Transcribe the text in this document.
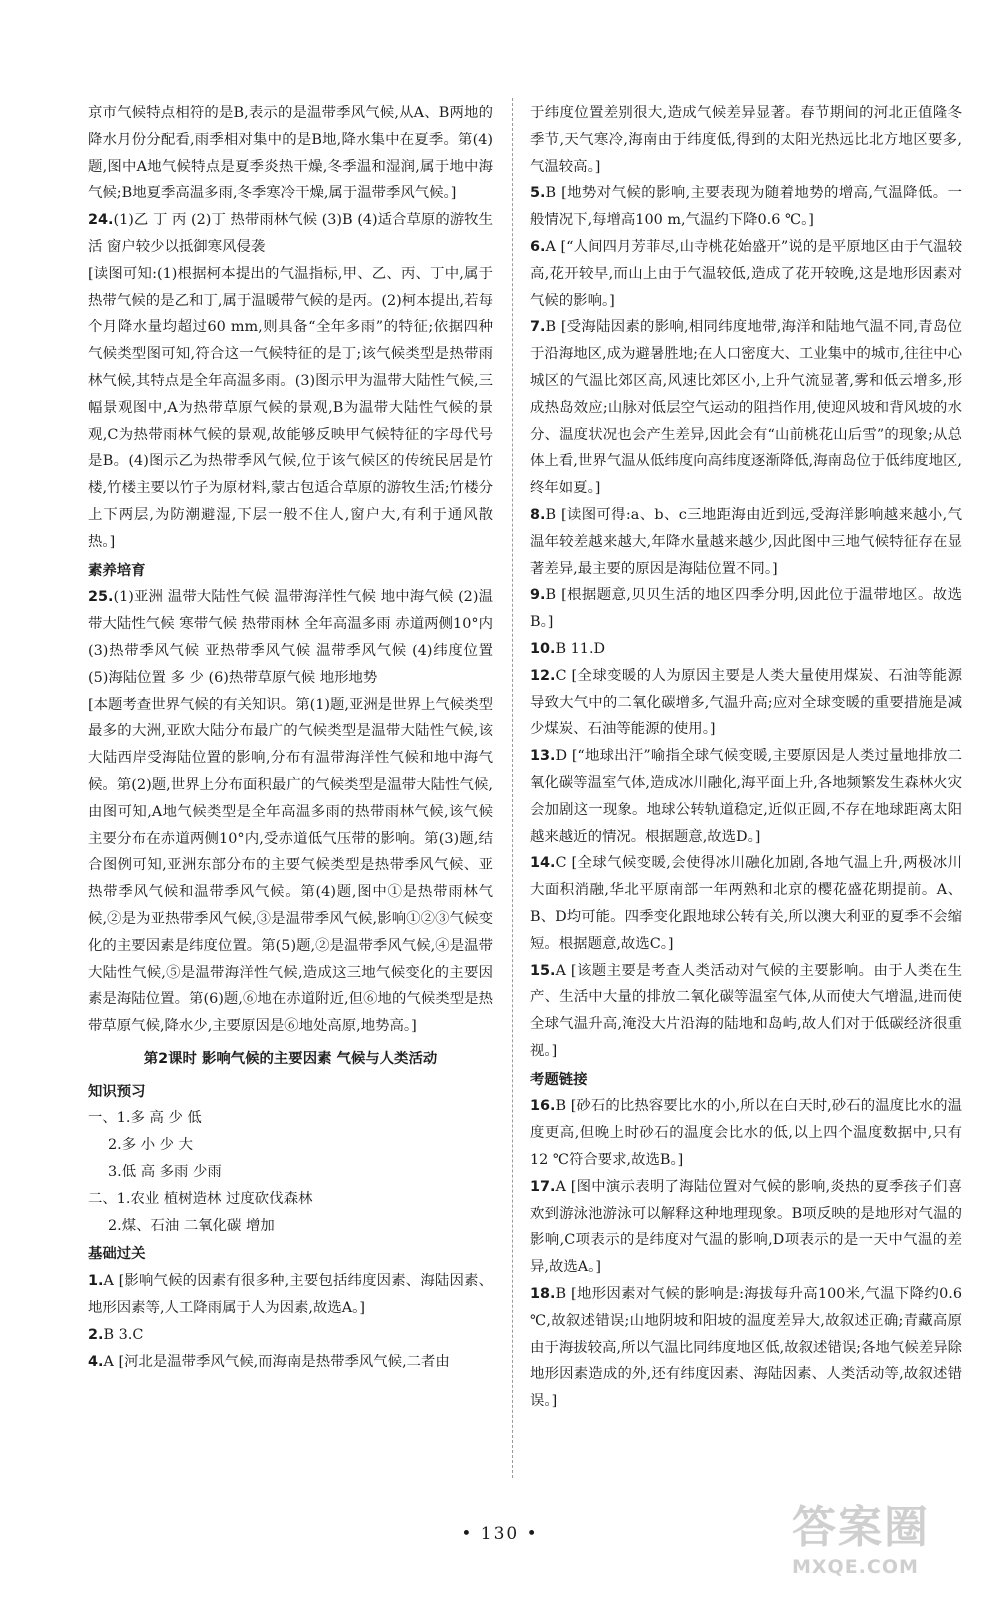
京市气候特点相符的是B,表示的是温带季风气候,从A、B两地的降水月份分配看,雨季相对集中的是B地,降水集中在夏季。第(4)题,图中A地气候特点是夏季炎热干燥,冬季温和湿润,属于地中海气候;B地夏季高温多雨,冬季寒冷干燥,属于温带季风气候。]
24.(1)乙 丁 丙 (2)丁 热带雨林气候 (3)B (4)适合草原的游牧生活 窗户较少以抵御寒风侵袭
[读图可知:(1)根据柯本提出的气温指标,甲、乙、丙、丁中,属于热带气候的是乙和丁,属于温暖带气候的是丙。(2)柯本提出,若每个月降水量均超过60 mm,则具备“全年多雨”的特征;依据四种气候类型图可知,符合这一气候特征的是丁;该气候类型是热带雨林气候,其特点是全年高温多雨。(3)图示甲为温带大陆性气候,三幅景观图中,A为热带草原气候的景观,B为温带大陆性气候的景观,C为热带雨林气候的景观,故能够反映甲气候特征的字母代号是B。(4)图示乙为热带季风气候,位于该气候区的传统民居是竹楼,竹楼主要以竹子为原材料,蒙古包适合草原的游牧生活;竹楼分上下两层,为防潮避湿,下层一般不住人,窗户大,有利于通风散热。]
素养培育
25.(1)亚洲 温带大陆性气候 温带海洋性气候 地中海气候 (2)温带大陆性气候 寒带气候 热带雨林 全年高温多雨 赤道两侧10°内 (3)热带季风气候 亚热带季风气候 温带季风气候 (4)纬度位置 (5)海陆位置 多 少 (6)热带草原气候 地形地势
[本题考查世界气候的有关知识。第(1)题,亚洲是世界上气候类型最多的大洲,亚欧大陆分布最广的气候类型是温带大陆性气候,该大陆西岸受海陆位置的影响,分布有温带海洋性气候和地中海气候。第(2)题,世界上分布面积最广的气候类型是温带大陆性气候,由图可知,A地气候类型是全年高温多雨的热带雨林气候,该气候主要分布在赤道两侧10°内,受赤道低气压带的影响。第(3)题,结合图例可知,亚洲东部分布的主要气候类型是热带季风气候、亚热带季风气候和温带季风气候。第(4)题,图中①是热带雨林气候,②是为亚热带季风气候,③是温带季风气候,影响①②③气候变化的主要因素是纬度位置。第(5)题,②是温带季风气候,④是温带大陆性气候,⑤是温带海洋性气候,造成这三地气候变化的主要因素是海陆位置。第(6)题,⑥地在赤道附近,但⑥地的气候类型是热带草原气候,降水少,主要原因是⑥地处高原,地势高。]
第2课时 影响气候的主要因素 气候与人类活动
知识预习
一、1.多 高 少 低
2.多 小 少 大
3.低 高 多雨 少雨
二、1.农业 植树造林 过度砍伐森林
2.煤、石油 二氧化碳 增加
基础过关
1.A [影响气候的因素有很多种,主要包括纬度因素、海陆因素、地形因素等,人工降雨属于人为因素,故选A。]
2.B 3.C
4.A [河北是温带季风气候,而海南是热带季风气候,二者由
于纬度位置差别很大,造成气候差异显著。春节期间的河北正值隆冬季节,天气寒冷,海南由于纬度低,得到的太阳光热远比北方地区要多,气温较高。]
5.B [地势对气候的影响,主要表现为随着地势的增高,气温降低。一般情况下,每增高100 m,气温约下降0.6 ℃。]
6.A [“人间四月芳菲尽,山寺桃花始盛开”说的是平原地区由于气温较高,花开较早,而山上由于气温较低,造成了花开较晚,这是地形因素对气候的影响。]
7.B [受海陆因素的影响,相同纬度地带,海洋和陆地气温不同,青岛位于沿海地区,成为避暑胜地;在人口密度大、工业集中的城市,往往中心城区的气温比郊区高,风速比郊区小,上升气流显著,雾和低云增多,形成热岛效应;山脉对低层空气运动的阻挡作用,使迎风坡和背风坡的水分、温度状况也会产生差异,因此会有“山前桃花山后雪”的现象;从总体上看,世界气温从低纬度向高纬度逐渐降低,海南岛位于低纬度地区,终年如夏。]
8.B [读图可得:a、b、c三地距海由近到远,受海洋影响越来越小,气温年较差越来越大,年降水量越来越少,因此图中三地气候特征存在显著差异,最主要的原因是海陆位置不同。]
9.B [根据题意,贝贝生活的地区四季分明,因此位于温带地区。故选B。]
10.B 11.D
12.C [全球变暖的人为原因主要是人类大量使用煤炭、石油等能源导致大气中的二氧化碳增多,气温升高;应对全球变暖的重要措施是减少煤炭、石油等能源的使用。]
13.D [“地球出汗”喻指全球气候变暖,主要原因是人类过量地排放二氧化碳等温室气体,造成冰川融化,海平面上升,各地频繁发生森林火灾会加剧这一现象。地球公转轨道稳定,近似正圆,不存在地球距离太阳越来越近的情况。根据题意,故选D。]
14.C [全球气候变暖,会使得冰川融化加剧,各地气温上升,两极冰川大面积消融,华北平原南部一年两熟和北京的樱花盛花期提前。A、B、D均可能。四季变化跟地球公转有关,所以澳大利亚的夏季不会缩短。根据题意,故选C。]
15.A [该题主要是考查人类活动对气候的主要影响。由于人类在生产、生活中大量的排放二氧化碳等温室气体,从而使大气增温,进而使全球气温升高,淹没大片沿海的陆地和岛屿,故人们对于低碳经济很重视。]
考题链接
16.B [砂石的比热容要比水的小,所以在白天时,砂石的温度比水的温度更高,但晚上时砂石的温度会比水的低,以上四个温度数据中,只有12 ℃符合要求,故选B。]
17.A [图中演示表明了海陆位置对气候的影响,炎热的夏季孩子们喜欢到游泳池游泳可以解释这种地理现象。B项反映的是地形对气温的影响,C项表示的是纬度对气温的影响,D项表示的是一天中气温的差异,故选A。]
18.B [地形因素对气候的影响是:海拔每升高100米,气温下降约0.6 ℃,故叙述错误;山地阴坡和阳坡的温度差异大,故叙述正确;青藏高原由于海拔较高,所以气温比同纬度地区低,故叙述错误;各地气候差异除地形因素造成的外,还有纬度因素、海陆因素、人类活动等,故叙述错误。]
• 130 •	答案圈
MXQE.COM
